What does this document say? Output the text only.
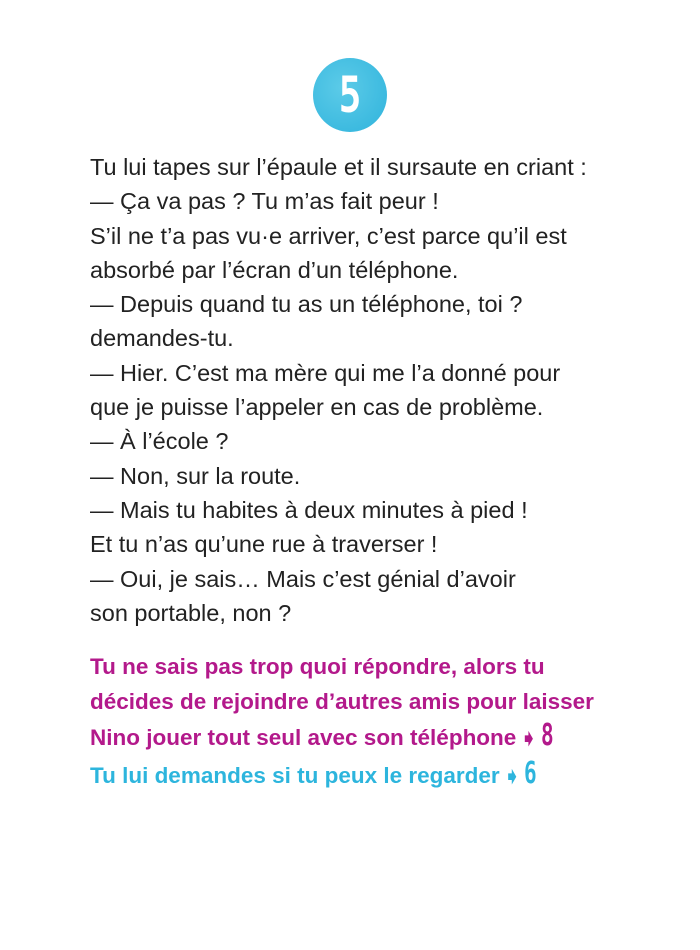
5
Tu lui tapes sur l’épaule et il sursaute en criant :
— Ça va pas ? Tu m’as fait peur !
S’il ne t’a pas vu·e arriver, c’est parce qu’il est
absorbé par l’écran d’un téléphone.
— Depuis quand tu as un téléphone, toi ?
demandes-tu.
— Hier. C’est ma mère qui me l’a donné pour
que je puisse l’appeler en cas de problème.
— À l’école ?
— Non, sur la route.
— Mais tu habites à deux minutes à pied !
Et tu n’as qu’une rue à traverser !
— Oui, je sais… Mais c’est génial d’avoir
son portable, non ?
Tu ne sais pas trop quoi répondre, alors tu
décides de rejoindre d’autres amis pour laisser
Nino jouer tout seul avec son téléphone ➧ 8
Tu lui demandes si tu peux le regarder ➧ 6
